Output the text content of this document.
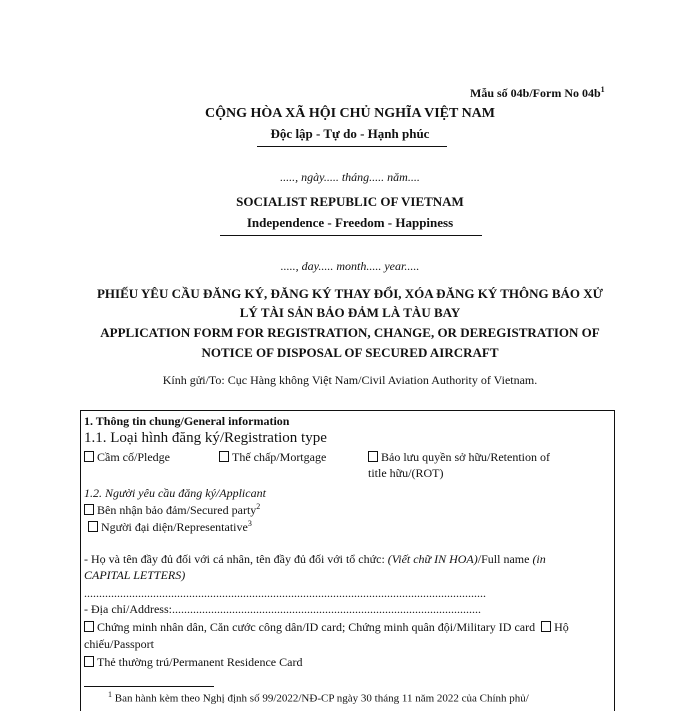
Mẫu số 04b/Form No $04b^1$
CỘNG HÒA XÃ HỘI CHỦ NGHĨA VIỆT NAM
Độc lập - Tự do - Hạnh phúc
....., ngày..... tháng..... năm....
SOCIALIST REPUBLIC OF VIETNAM
Independence - Freedom - Happiness
....., day..... month..... year.....
PHIẾU YÊU CẦU ĐĂNG KÝ, ĐĂNG KÝ THAY ĐỔI, XÓA ĐĂNG KÝ THÔNG BÁO XỬ
LÝ TÀI SẢN BẢO ĐẢM LÀ TÀU BAY
APPLICATION FORM FOR REGISTRATION, CHANGE, OR DEREGISTRATION OF
NOTICE OF DISPOSAL OF SECURED AIRCRAFT
Kính gửi/To: Cục Hàng không Việt Nam/Civil Aviation Authority of Vietnam.
1. Thông tin chung/General information
1.1. Loại hình đăng ký/Registration type
Cầm cố/Pledge	Thế chấp/Mortgage	Bảo lưu quyền sở hữu/Retention of
title hữu/(ROT)
1.2. Người yêu cầu đăng ký/Applicant
Bên nhận bảo đảm/Secured party$^2$
Người đại diện/Representative$^3$
- Họ và tên đầy đủ đối với cá nhân, tên đầy đủ đối với tổ chức: (Viết chữ IN HOA)/Full name (in
CAPITAL LETTERS)
......................................................................................................................................
- Địa chỉ/Address:.......................................................................................................
Chứng minh nhân dân, Căn cước công dân/ID card; Chứng minh quân đội/Military ID card Hộ
chiếu/Passport
Thẻ thường trú/Permanent Residence Card
$^1$ Ban hành kèm theo Nghị định số 99/2022/NĐ-CP ngày 30 tháng 11 năm 2022 của Chính phủ/
